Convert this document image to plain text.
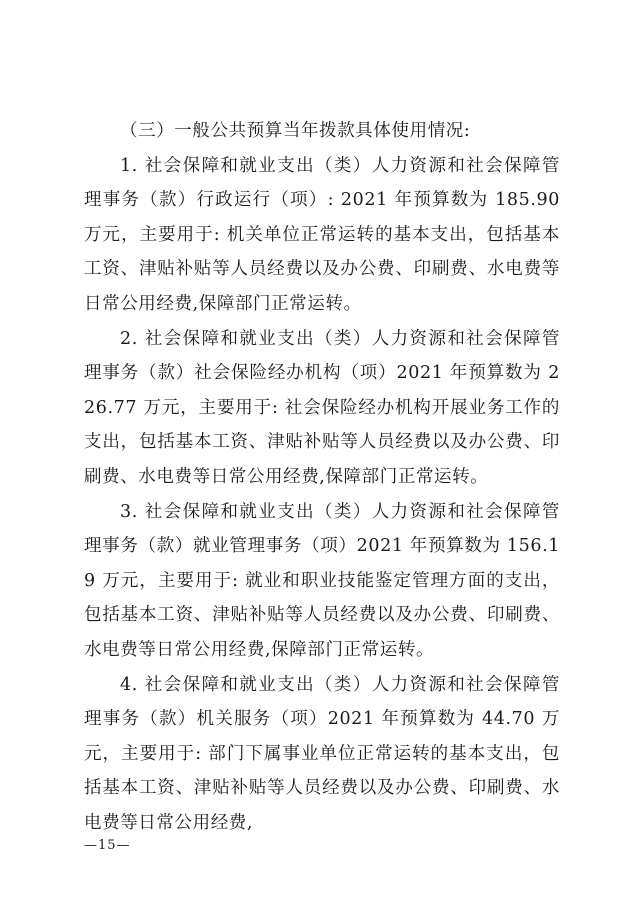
（三）一般公共预算当年拨款具体使用情况:

1. 社会保障和就业支出（类）人力资源和社会保障管理事务（款）行政运行（项）: 2021 年预算数为 185.90 万元，主要用于: 机关单位正常运转的基本支出，包括基本工资、津贴补贴等人员经费以及办公费、印刷费、水电费等日常公用经费,保障部门正常运转。

2. 社会保障和就业支出（类）人力资源和社会保障管理事务（款）社会保险经办机构（项）2021 年预算数为 226.77 万元，主要用于: 社会保险经办机构开展业务工作的支出，包括基本工资、津贴补贴等人员经费以及办公费、印刷费、水电费等日常公用经费,保障部门正常运转。

3. 社会保障和就业支出（类）人力资源和社会保障管理事务（款）就业管理事务（项）2021 年预算数为 156.19 万元，主要用于: 就业和职业技能鉴定管理方面的支出，包括基本工资、津贴补贴等人员经费以及办公费、印刷费、水电费等日常公用经费,保障部门正常运转。

4. 社会保障和就业支出（类）人力资源和社会保障管理事务（款）机关服务（项）2021 年预算数为 44.70 万元，主要用于: 部门下属事业单位正常运转的基本支出，包括基本工资、津贴补贴等人员经费以及办公费、印刷费、水电费等日常公用经费,

—15—
